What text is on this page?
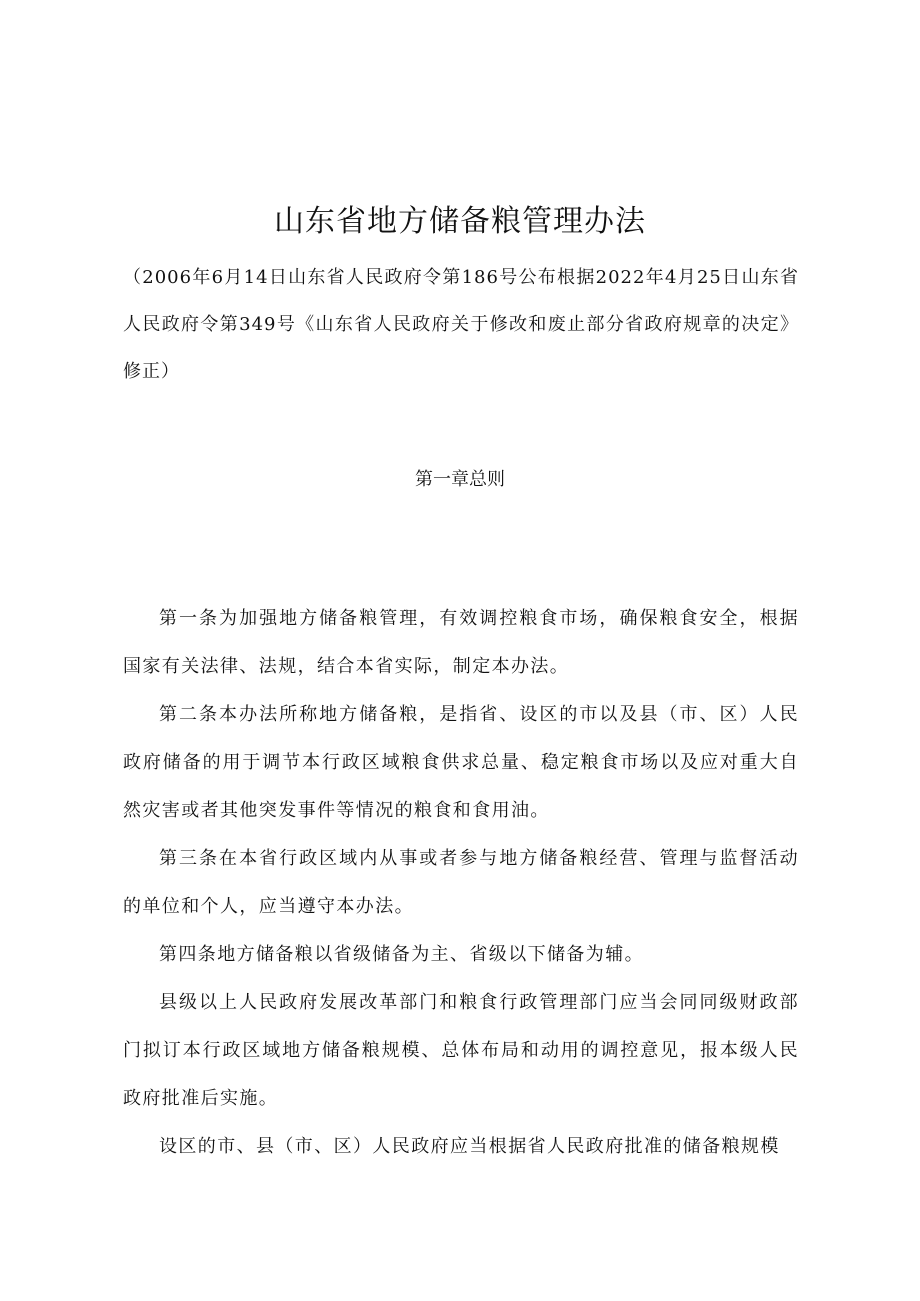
山东省地方储备粮管理办法

（2006年6月14日山东省人民政府令第186号公布根据2022年4月25日山东省人民政府令第349号《山东省人民政府关于修改和废止部分省政府规章的决定》修正）

第一章总则

第一条为加强地方储备粮管理，有效调控粮食市场，确保粮食安全，根据国家有关法律、法规，结合本省实际，制定本办法。

第二条本办法所称地方储备粮，是指省、设区的市以及县（市、区）人民政府储备的用于调节本行政区域粮食供求总量、稳定粮食市场以及应对重大自然灾害或者其他突发事件等情况的粮食和食用油。

第三条在本省行政区域内从事或者参与地方储备粮经营、管理与监督活动的单位和个人，应当遵守本办法。

第四条地方储备粮以省级储备为主、省级以下储备为辅。

县级以上人民政府发展改革部门和粮食行政管理部门应当会同同级财政部门拟订本行政区域地方储备粮规模、总体布局和动用的调控意见，报本级人民政府批准后实施。

设区的市、县（市、区）人民政府应当根据省人民政府批准的储备粮规模
